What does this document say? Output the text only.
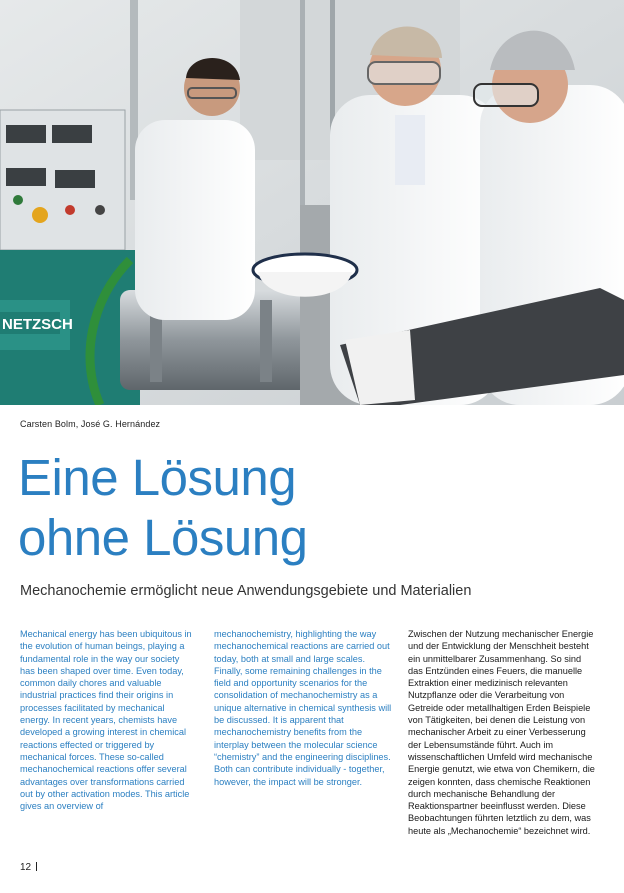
NETZSCH
Carsten Bolm, José G. Hernández
Eine Lösung
ohne Lösung
Mechanochemie ermöglicht neue Anwendungsgebiete und Materialien
Mechanical energy has been ubiquitous in the evolution of human beings, playing a fundamental role in the way our society has been shaped over time. Even today, common daily chores and valuable industrial practices find their origins in processes facilitated by mechanical energy. In recent years, chemists have developed a growing interest in chemical reactions effected or triggered by mechanical forces. These so-called mechanochemical reactions offer several advantages over transformations carried out by other activation modes. This article gives an overview of
mechanochemistry, highlighting the way mechanochemical reactions are carried out today, both at small and large scales. Finally, some remaining challenges in the field and opportunity scenarios for the consolidation of mechanochemistry as a unique alternative in chemical synthesis will be discussed. It is apparent that mechanochemistry benefits from the interplay between the molecular science “chemistry” and the engineering disciplines. Both can contribute individually - together, however, the impact will be stronger.
Zwischen der Nutzung mechanischer Energie und der Entwicklung der Menschheit besteht ein unmittelbarer Zusammenhang. So sind das Entzünden eines Feuers, die manuelle Extraktion einer medizinisch relevanten Nutzpflanze oder die Verarbeitung von Getreide oder metallhaltigen Erden Beispiele von Tätigkeiten, bei denen die Leistung von mechanischer Arbeit zu einer Verbesserung der Lebensumstände führt. Auch im wissenschaftlichen Umfeld wird mechanische Energie genutzt, wie etwa von Chemikern, die zeigen konnten, dass chemische Reaktionen durch mechanische Behandlung der Reaktionspartner beeinflusst werden. Diese Beobachtungen führten letztlich zu dem, was heute als „Mechanochemie“ bezeichnet wird.
12
